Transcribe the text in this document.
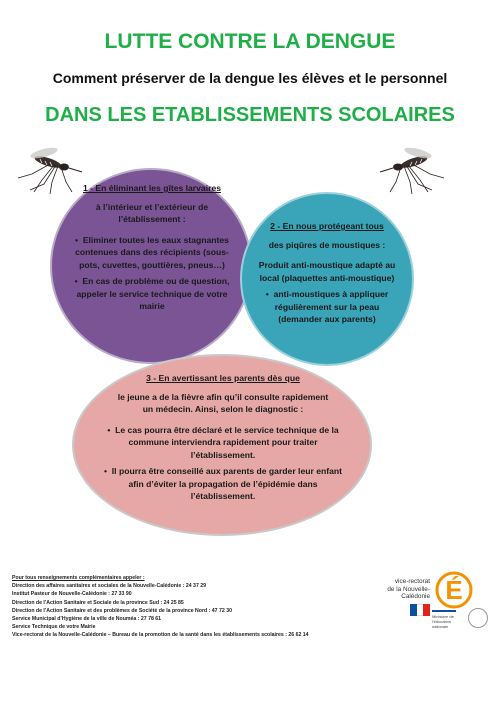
LUTTE CONTRE LA DENGUE
Comment préserver de la dengue les élèves et le personnel
DANS LES ETABLISSEMENTS SCOLAIRES
1 - En éliminant les gîtes larvaires
à l’intérieur et l’extérieur de l’établissement :
•  Eliminer toutes les eaux stagnantes contenues dans des récipients (sous-pots, cuvettes, gouttières, pneus…)
•  En cas de problème ou de question, appeler le service technique de votre mairie
2 - En nous protégeant tous
des piqûres de moustiques :
Produit anti-moustique adapté au local (plaquettes anti-moustique)
•  anti-moustiques à appliquer régulièrement sur la peau (demander aux parents)
3 - En avertissant les parents dès que
le jeune a de la fièvre afin qu’il consulte rapidement un médecin. Ainsi, selon le diagnostic :
•  Le cas pourra être déclaré et le service technique de la commune interviendra rapidement pour traiter l’établissement.
•  Il pourra être conseillé aux parents de garder leur enfant afin d’éviter la propagation de l’épidémie dans l’établissement.
Pour tous renseignements complémentaires appeler :
Direction des affaires sanitaires et sociales de la Nouvelle-Calédonie : 24 37 29
Institut Pasteur de Nouvelle-Calédonie : 27 33 90
Direction de l’Action Sanitaire et Sociale de la province Sud : 24 25 85
Direction de l’Action Sanitaire et des problèmes de Société de la province Nord : 47 72 30
Service Municipal d’Hygiène de la ville de Nouméa : 27 78 61
Service Technique de votre Mairie
Vice-rectorat de la Nouvelle-Calédonie – Bureau de la promotion de la santé dans les établissements scolaires : 26 62 14
vice-rectorat
de la Nouvelle-Calédonie É
Ministère de l'éducation nationale
